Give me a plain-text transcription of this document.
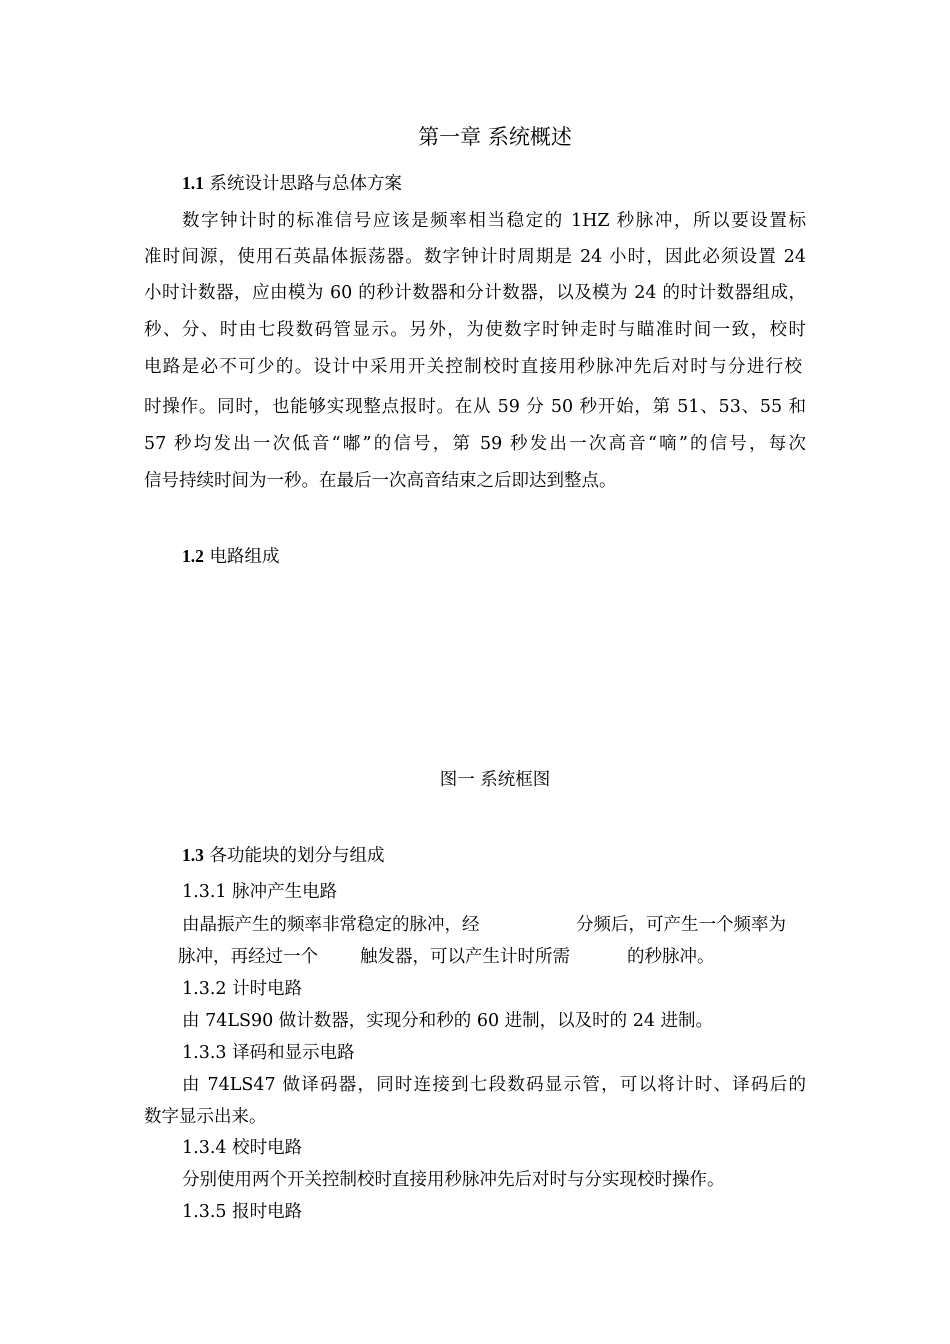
第一章 系统概述
1.1 系统设计思路与总体方案
数字钟计时的标准信号应该是频率相当稳定的 1HZ 秒脉冲，所以要设置标
准时间源，使用石英晶体振荡器。数字钟计时周期是 24 小时，因此必须设置 24
小时计数器，应由模为 60 的秒计数器和分计数器，以及模为 24 的时计数器组成，
秒、分、时由七段数码管显示。另外，为使数字时钟走时与瞄准时间一致，校时
电路是必不可少的。设计中采用开关控制校时直接用秒脉冲先后对时与分进行校
时操作。同时，也能够实现整点报时。在从 59 分 50 秒开始，第 51、53、55 和
57 秒均发出一次低音“嘟”的信号，第 59 秒发出一次高音“嘀”的信号，每次
信号持续时间为一秒。在最后一次高音结束之后即达到整点。
1.2 电路组成
图一 系统框图
1.3 各功能块的划分与组成
1.3.1 脉冲产生电路
由晶振产生的频率非常稳定的脉冲，经	分频后，可产生一个频率为
脉冲，再经过一个 触发器，可以产生计时所需	的秒脉冲。
1.3.2 计时电路
由 74LS90 做计数器，实现分和秒的 60 进制，以及时的 24 进制。
1.3.3 译码和显示电路
由 74LS47 做译码器，同时连接到七段数码显示管，可以将计时、译码后的
数字显示出来。
1.3.4 校时电路
分别使用两个开关控制校时直接用秒脉冲先后对时与分实现校时操作。
1.3.5 报时电路
